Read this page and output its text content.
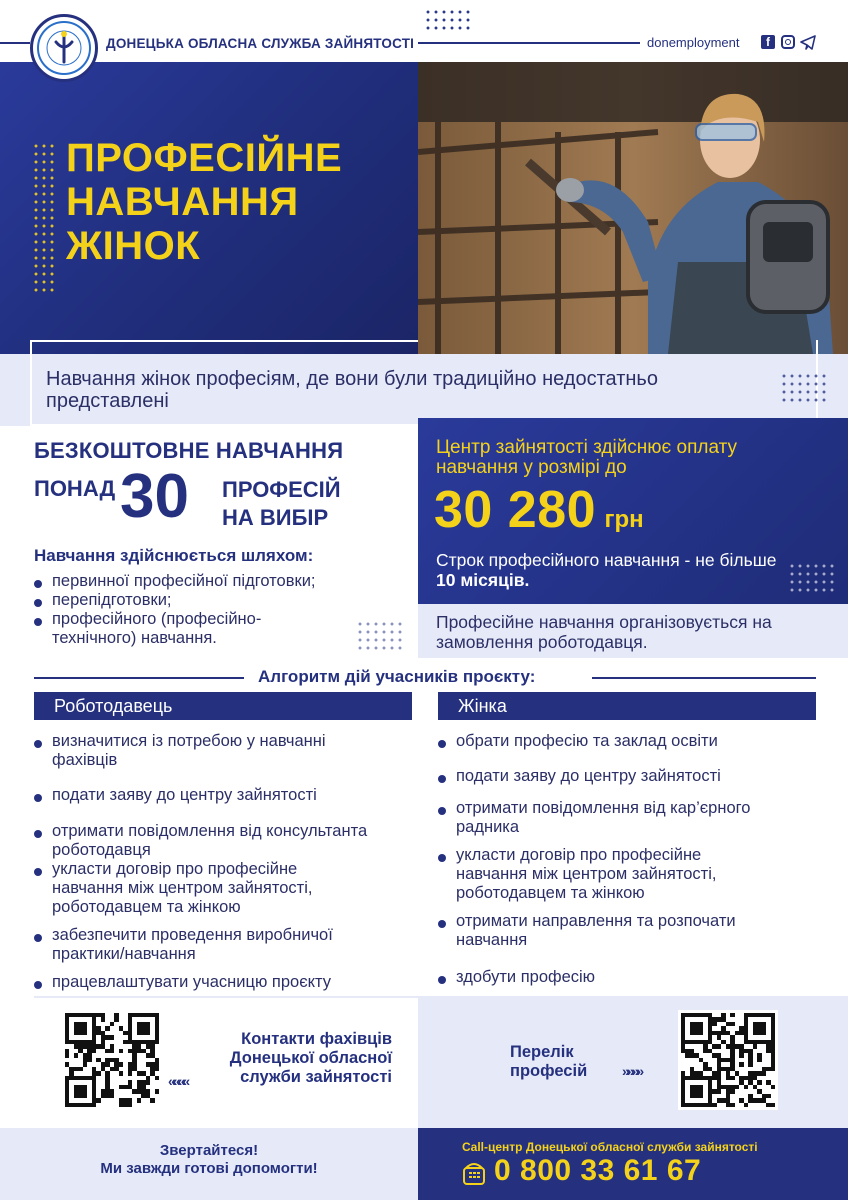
ДОНЕЦЬКА ОБЛАСНА СЛУЖБА ЗАЙНЯТОСТІ	donemployment	f
ПРОФЕСІЙНЕ
НАВЧАННЯ
ЖІНОК
Навчання жінок професіям, де вони були традиційно недостатньо представлені
БЕЗКОШТОВНЕ НАВЧАННЯ
ПОНАД 30 ПРОФЕСІЙ
НА ВИБІР
Навчання здійснюється шляхом:
первинної професійної підготовки;
перепідготовки;
професійного (професійно-технічного) навчання.
Центр зайнятості здійснює оплату навчання у розмірі до
30 280 грн
Строк професійного навчання - не більше 10 місяців.
Професійне навчання організовується на замовлення роботодавця.
Алгоритм дій учасників проєкту:
Роботодавець
визначитися із потребою у навчанні фахівців
подати заяву до центру зайнятості
отримати повідомлення від консультанта роботодавця
укласти договір про професійне навчання між центром зайнятості, роботодавцем та жінкою
забезпечити проведення виробничої практики/навчання
працевлаштувати учасницю проєкту
Жінка
обрати професію та заклад освіти
подати заяву до центру зайнятості
отримати повідомлення від кар’єрного радника
укласти договір про професійне навчання між центром зайнятості, роботодавцем та жінкою
отримати направлення та розпочати навчання
здобути професію
««««
Контакти фахівців
Донецької обласної
служби зайнятості
Перелік
професій »»»»
Звертайтеся!
Ми завжди готові допомогти!
Call-центр Донецької обласної служби зайнятості
0 800 33 61 67
